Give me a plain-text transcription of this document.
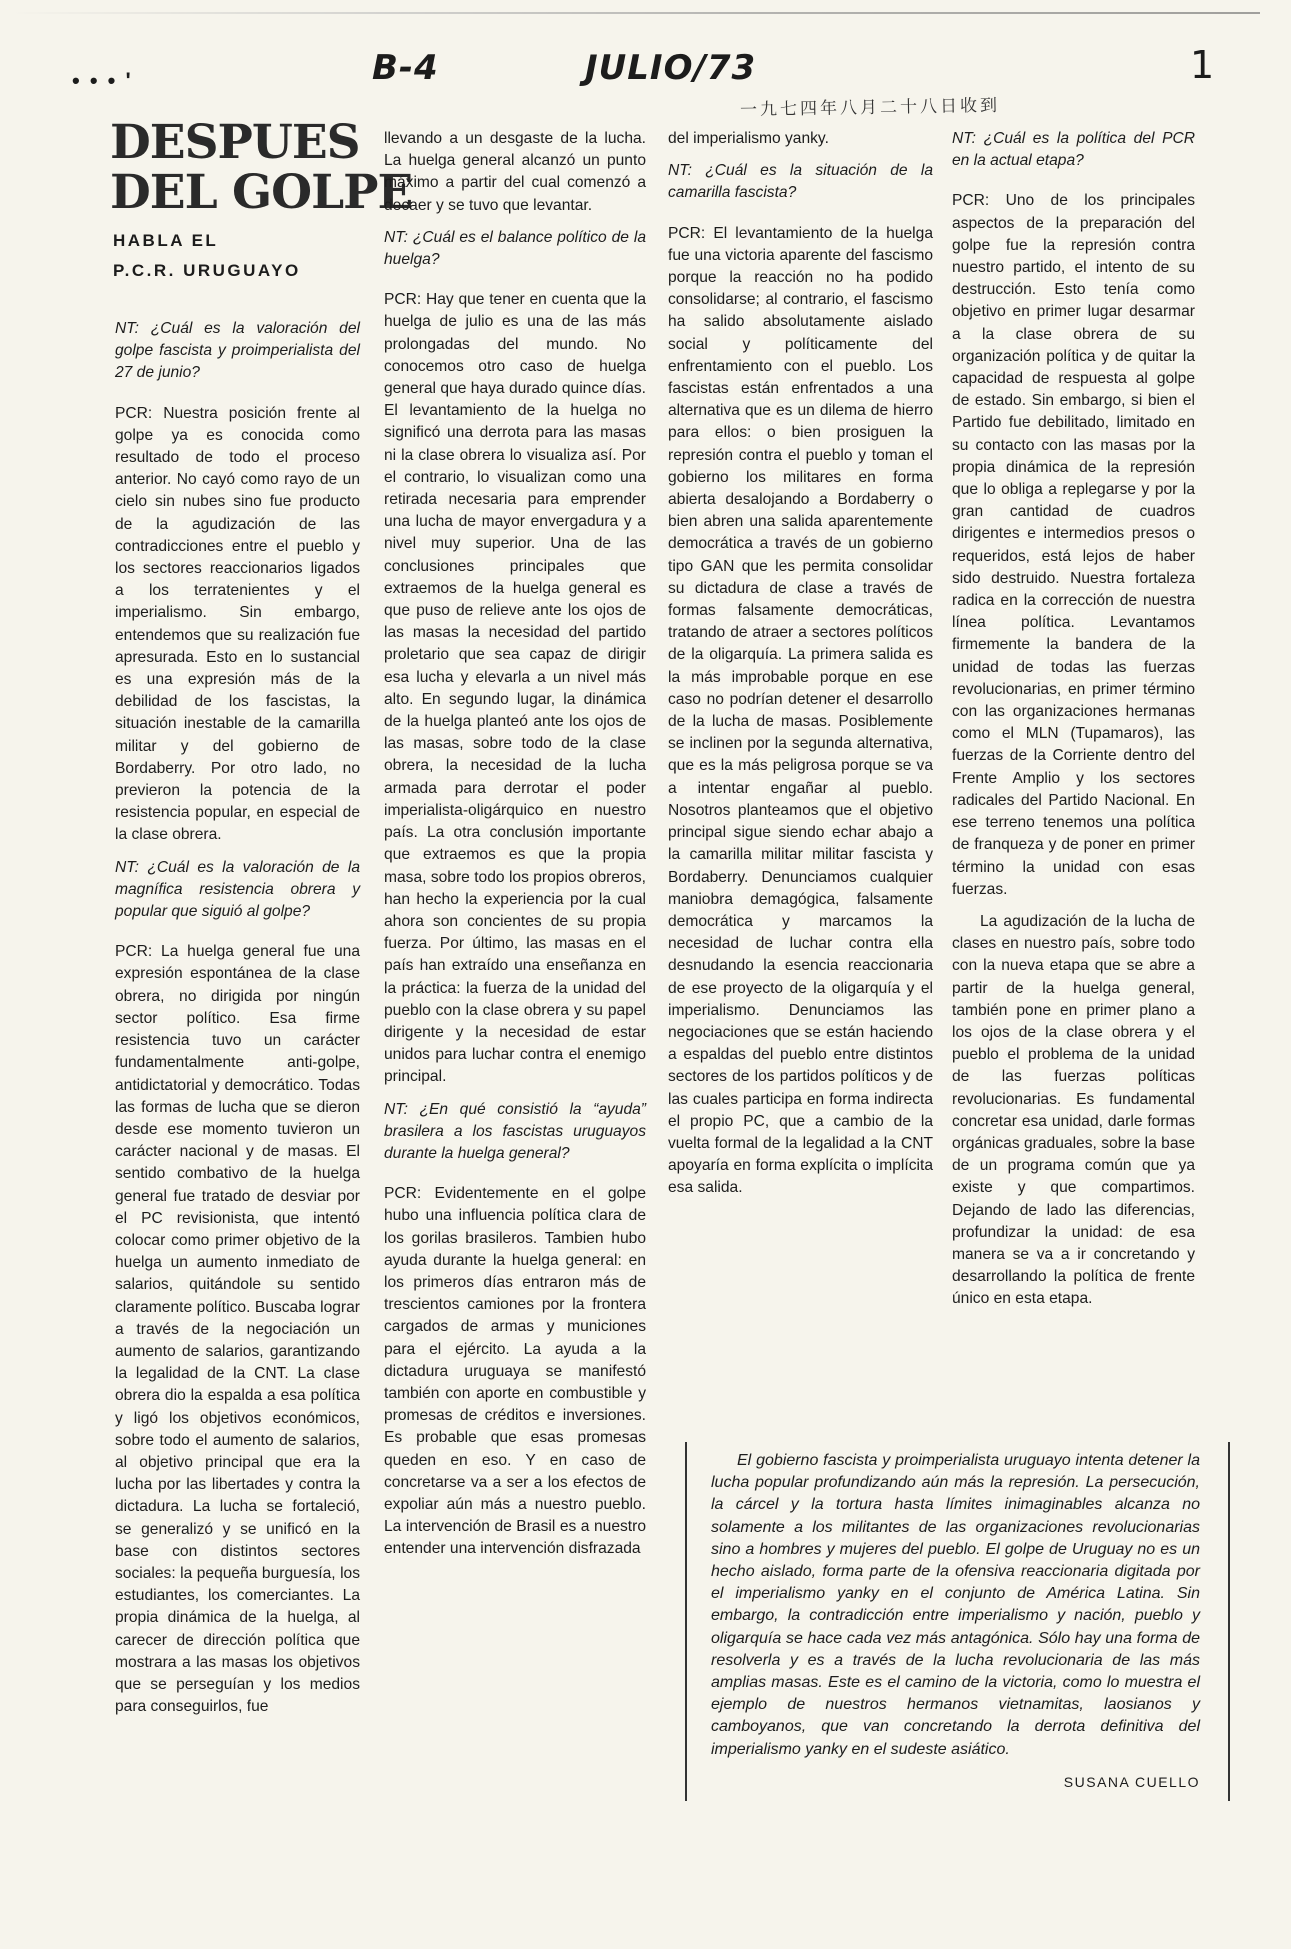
• • • '	B-4	JULIO/73	1
一九七四年八月二十八日收到
DESPUES
DEL GOLPE
HABLA EL
P.C.R. URUGUAYO

NT: ¿Cuál es la valoración del golpe fascista y proimperialista del 27 de junio?

PCR: Nuestra posición frente al golpe ya es conocida como resultado de todo el proceso anterior. No cayó como rayo de un cielo sin nubes sino fue producto de la agudización de las contradicciones entre el pueblo y los sectores reaccionarios ligados a los terratenientes y el imperialismo. Sin embargo, entendemos que su realización fue apresurada. Esto en lo sustancial es una expresión más de la debilidad de los fascistas, la situación inestable de la camarilla militar y del gobierno de Bordaberry. Por otro lado, no previeron la potencia de la resistencia popular, en especial de la clase obrera.

NT: ¿Cuál es la valoración de la magnífica resistencia obrera y popular que siguió al golpe?

PCR: La huelga general fue una expresión espontánea de la clase obrera, no dirigida por ningún sector político. Esa firme resistencia tuvo un carácter fundamentalmente anti-golpe, antidictatorial y democrático. Todas las formas de lucha que se dieron desde ese momento tuvieron un carácter nacional y de masas. El sentido combativo de la huelga general fue tratado de desviar por el PC revisionista, que intentó colocar como primer objetivo de la huelga un aumento inmediato de salarios, quitándole su sentido claramente político. Buscaba lograr a través de la negociación un aumento de salarios, garantizando la legalidad de la CNT. La clase obrera dio la espalda a esa política y ligó los objetivos económicos, sobre todo el aumento de salarios, al objetivo principal que era la lucha por las libertades y contra la dictadura. La lucha se fortaleció, se generalizó y se unificó en la base con distintos sectores sociales: la pequeña burguesía, los estudiantes, los comerciantes. La propia dinámica de la huelga, al carecer de dirección política que mostrara a las masas los objetivos que se perseguían y los medios para conseguirlos, fue

llevando a un desgaste de la lucha. La huelga general alcanzó un punto máximo a partir del cual comenzó a decaer y se tuvo que levantar.

NT: ¿Cuál es el balance político de la huelga?

PCR: Hay que tener en cuenta que la huelga de julio es una de las más prolongadas del mundo. No conocemos otro caso de huelga general que haya durado quince días. El levantamiento de la huelga no significó una derrota para las masas ni la clase obrera lo visualiza así. Por el contrario, lo visualizan como una retirada necesaria para emprender una lucha de mayor envergadura y a nivel muy superior. Una de las conclusiones principales que extraemos de la huelga general es que puso de relieve ante los ojos de las masas la necesidad del partido proletario que sea capaz de dirigir esa lucha y elevarla a un nivel más alto. En segundo lugar, la dinámica de la huelga planteó ante los ojos de las masas, sobre todo de la clase obrera, la necesidad de la lucha armada para derrotar el poder imperialista-oligárquico en nuestro país. La otra conclusión importante que extraemos es que la propia masa, sobre todo los propios obreros, han hecho la experiencia por la cual ahora son concientes de su propia fuerza. Por último, las masas en el país han extraído una enseñanza en la práctica: la fuerza de la unidad del pueblo con la clase obrera y su papel dirigente y la necesidad de estar unidos para luchar contra el enemigo principal.

NT: ¿En qué consistió la “ayuda” brasilera a los fascistas uruguayos durante la huelga general?

PCR: Evidentemente en el golpe hubo una influencia política clara de los gorilas brasileros. Tambien hubo ayuda durante la huelga general: en los primeros días entraron más de trescientos camiones por la frontera cargados de armas y municiones para el ejército. La ayuda a la dictadura uruguaya se manifestó también con aporte en combustible y promesas de créditos e inversiones. Es probable que esas promesas queden en eso. Y en caso de concretarse va a ser a los efectos de expoliar aún más a nuestro pueblo. La intervención de Brasil es a nuestro entender una intervención disfrazada

del imperialismo yanky.

NT: ¿Cuál es la situación de la camarilla fascista?

PCR: El levantamiento de la huelga fue una victoria aparente del fascismo porque la reacción no ha podido consolidarse; al contrario, el fascismo ha salido absolutamente aislado social y políticamente del enfrentamiento con el pueblo. Los fascistas están enfrentados a una alternativa que es un dilema de hierro para ellos: o bien prosiguen la represión contra el pueblo y toman el gobierno los militares en forma abierta desalojando a Bordaberry o bien abren una salida aparentemente democrática a través de un gobierno tipo GAN que les permita consolidar su dictadura de clase a través de formas falsamente democráticas, tratando de atraer a sectores políticos de la oligarquía. La primera salida es la más improbable porque en ese caso no podrían detener el desarrollo de la lucha de masas. Posiblemente se inclinen por la segunda alternativa, que es la más peligrosa porque se va a intentar engañar al pueblo. Nosotros planteamos que el objetivo principal sigue siendo echar abajo a la camarilla militar militar fascista y Bordaberry. Denunciamos cualquier maniobra demagógica, falsamente democrática y marcamos la necesidad de luchar contra ella desnudando la esencia reaccionaria de ese proyecto de la oligarquía y el imperialismo. Denunciamos las negociaciones que se están haciendo a espaldas del pueblo entre distintos sectores de los partidos políticos y de las cuales participa en forma indirecta el propio PC, que a cambio de la vuelta formal de la legalidad a la CNT apoyaría en forma explícita o implícita esa salida.

NT: ¿Cuál es la política del PCR en la actual etapa?

PCR: Uno de los principales aspectos de la preparación del golpe fue la represión contra nuestro partido, el intento de su destrucción. Esto tenía como objetivo en primer lugar desarmar a la clase obrera de su organización política y de quitar la capacidad de respuesta al golpe de estado. Sin embargo, si bien el Partido fue debilitado, limitado en su contacto con las masas por la propia dinámica de la represión que lo obliga a replegarse y por la gran cantidad de cuadros dirigentes e intermedios presos o requeridos, está lejos de haber sido destruido. Nuestra fortaleza radica en la corrección de nuestra línea política. Levantamos firmemente la bandera de la unidad de todas las fuerzas revolucionarias, en primer término con las organizaciones hermanas como el MLN (Tupamaros), las fuerzas de la Corriente dentro del Frente Amplio y los sectores radicales del Partido Nacional. En ese terreno tenemos una política de franqueza y de poner en primer término la unidad con esas fuerzas.

La agudización de la lucha de clases en nuestro país, sobre todo con la nueva etapa que se abre a partir de la huelga general, también pone en primer plano a los ojos de la clase obrera y el pueblo el problema de la unidad de las fuerzas políticas revolucionarias. Es fundamental concretar esa unidad, darle formas orgánicas graduales, sobre la base de un programa común que ya existe y que compartimos. Dejando de lado las diferencias, profundizar la unidad: de esa manera se va a ir concretando y desarrollando la política de frente único en esta etapa.

El gobierno fascista y proimperialista uruguayo intenta detener la lucha popular profundizando aún más la represión. La persecución, la cárcel y la tortura hasta límites inimaginables alcanza no solamente a los militantes de las organizaciones revolucionarias sino a hombres y mujeres del pueblo. El golpe de Uruguay no es un hecho aislado, forma parte de la ofensiva reaccionaria digitada por el imperialismo yanky en el conjunto de América Latina. Sin embargo, la contradicción entre imperialismo y nación, pueblo y oligarquía se hace cada vez más antagónica. Sólo hay una forma de resolverla y es a través de la lucha revolucionaria de las más amplias masas. Este es el camino de la victoria, como lo muestra el ejemplo de nuestros hermanos vietnamitas, laosianos y camboyanos, que van concretando la derrota definitiva del imperialismo yanky en el sudeste asiático.

SUSANA CUELLO
